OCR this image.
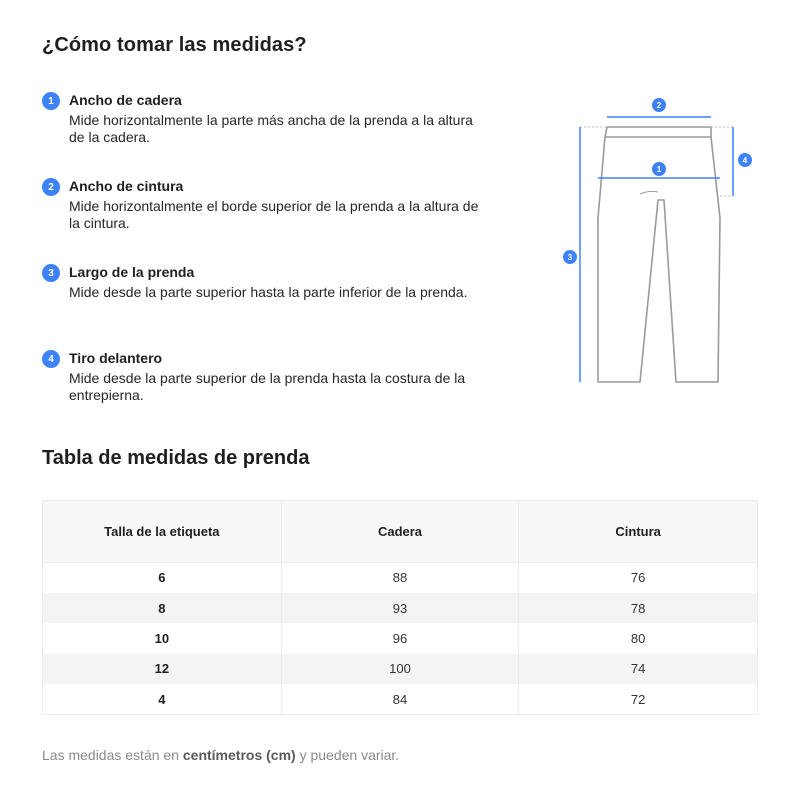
¿Cómo tomar las medidas?
1	Ancho de cadera

Mide horizontalmente la parte más ancha de la prenda a la altura de la cadera.

2	Ancho de cintura

Mide horizontalmente el borde superior de la prenda a la altura de la cintura.

3	Largo de la prenda

Mide desde la parte superior hasta la parte inferior de la prenda.

4	Tiro delantero

Mide desde la parte superior de la prenda hasta la costura de la entrepierna.

1
2
3
4
Tabla de medidas de prenda
Talla de la etiqueta	Cadera	Cintura
6	88	76
8	93	78
10	96	80
12	100	74
4	84	72

Las medidas están en centímetros (cm) y pueden variar.
